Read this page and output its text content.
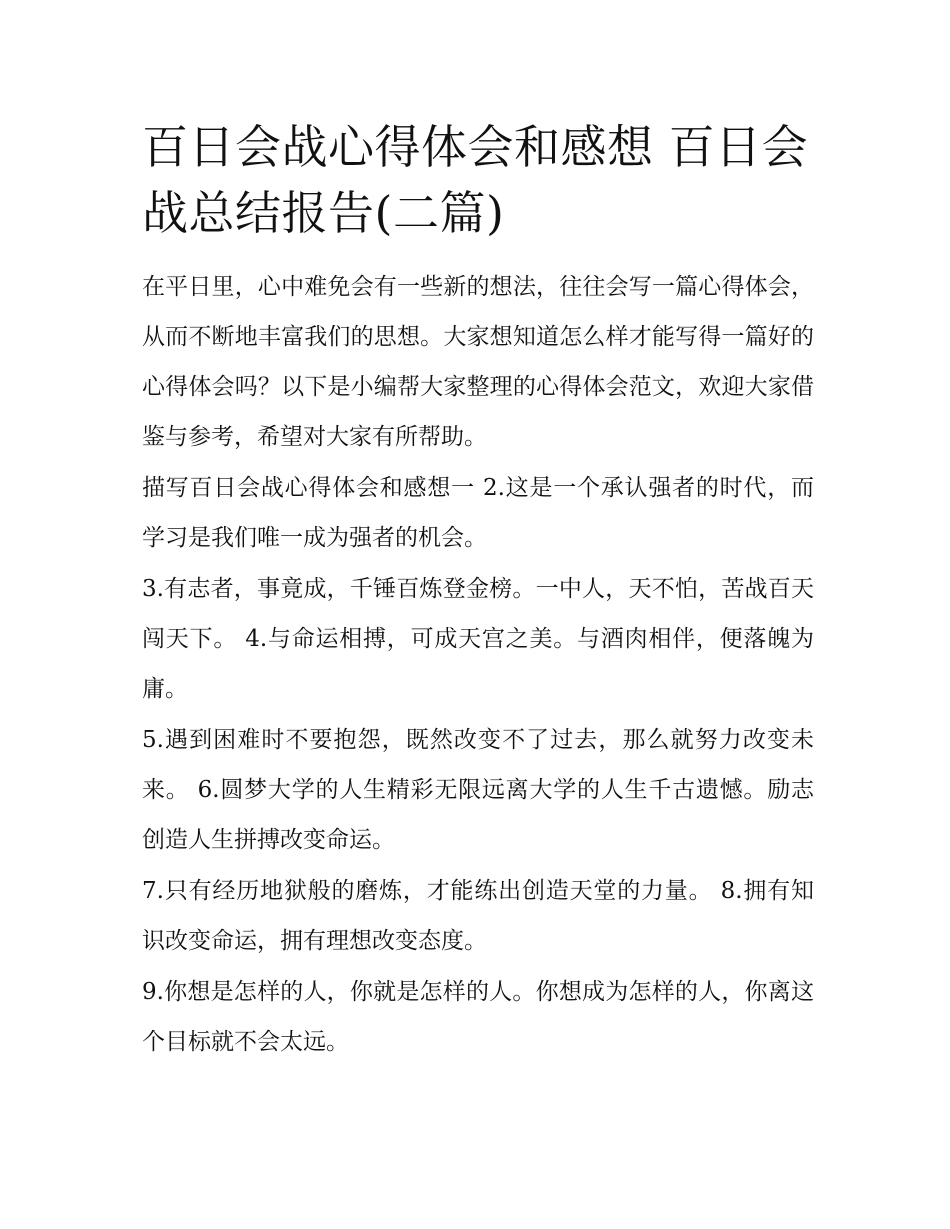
百日会战心得体会和感想 百日会战总结报告(二篇)

在平日里，心中难免会有一些新的想法，往往会写一篇心得体会，从而不断地丰富我们的思想。大家想知道怎么样才能写得一篇好的心得体会吗？以下是小编帮大家整理的心得体会范文，欢迎大家借鉴与参考，希望对大家有所帮助。

描写百日会战心得体会和感想一 2.这是一个承认强者的时代，而学习是我们唯一成为强者的机会。

3.有志者，事竟成，千锤百炼登金榜。一中人，天不怕，苦战百天闯天下。 4.与命运相搏，可成天宫之美。与酒肉相伴，便落魄为庸。

5.遇到困难时不要抱怨，既然改变不了过去，那么就努力改变未来。 6.圆梦大学的人生精彩无限远离大学的人生千古遗憾。励志创造人生拼搏改变命运。

7.只有经历地狱般的磨炼，才能练出创造天堂的力量。 8.拥有知识改变命运，拥有理想改变态度。

9.你想是怎样的人，你就是怎样的人。你想成为怎样的人，你离这个目标就不会太远。
